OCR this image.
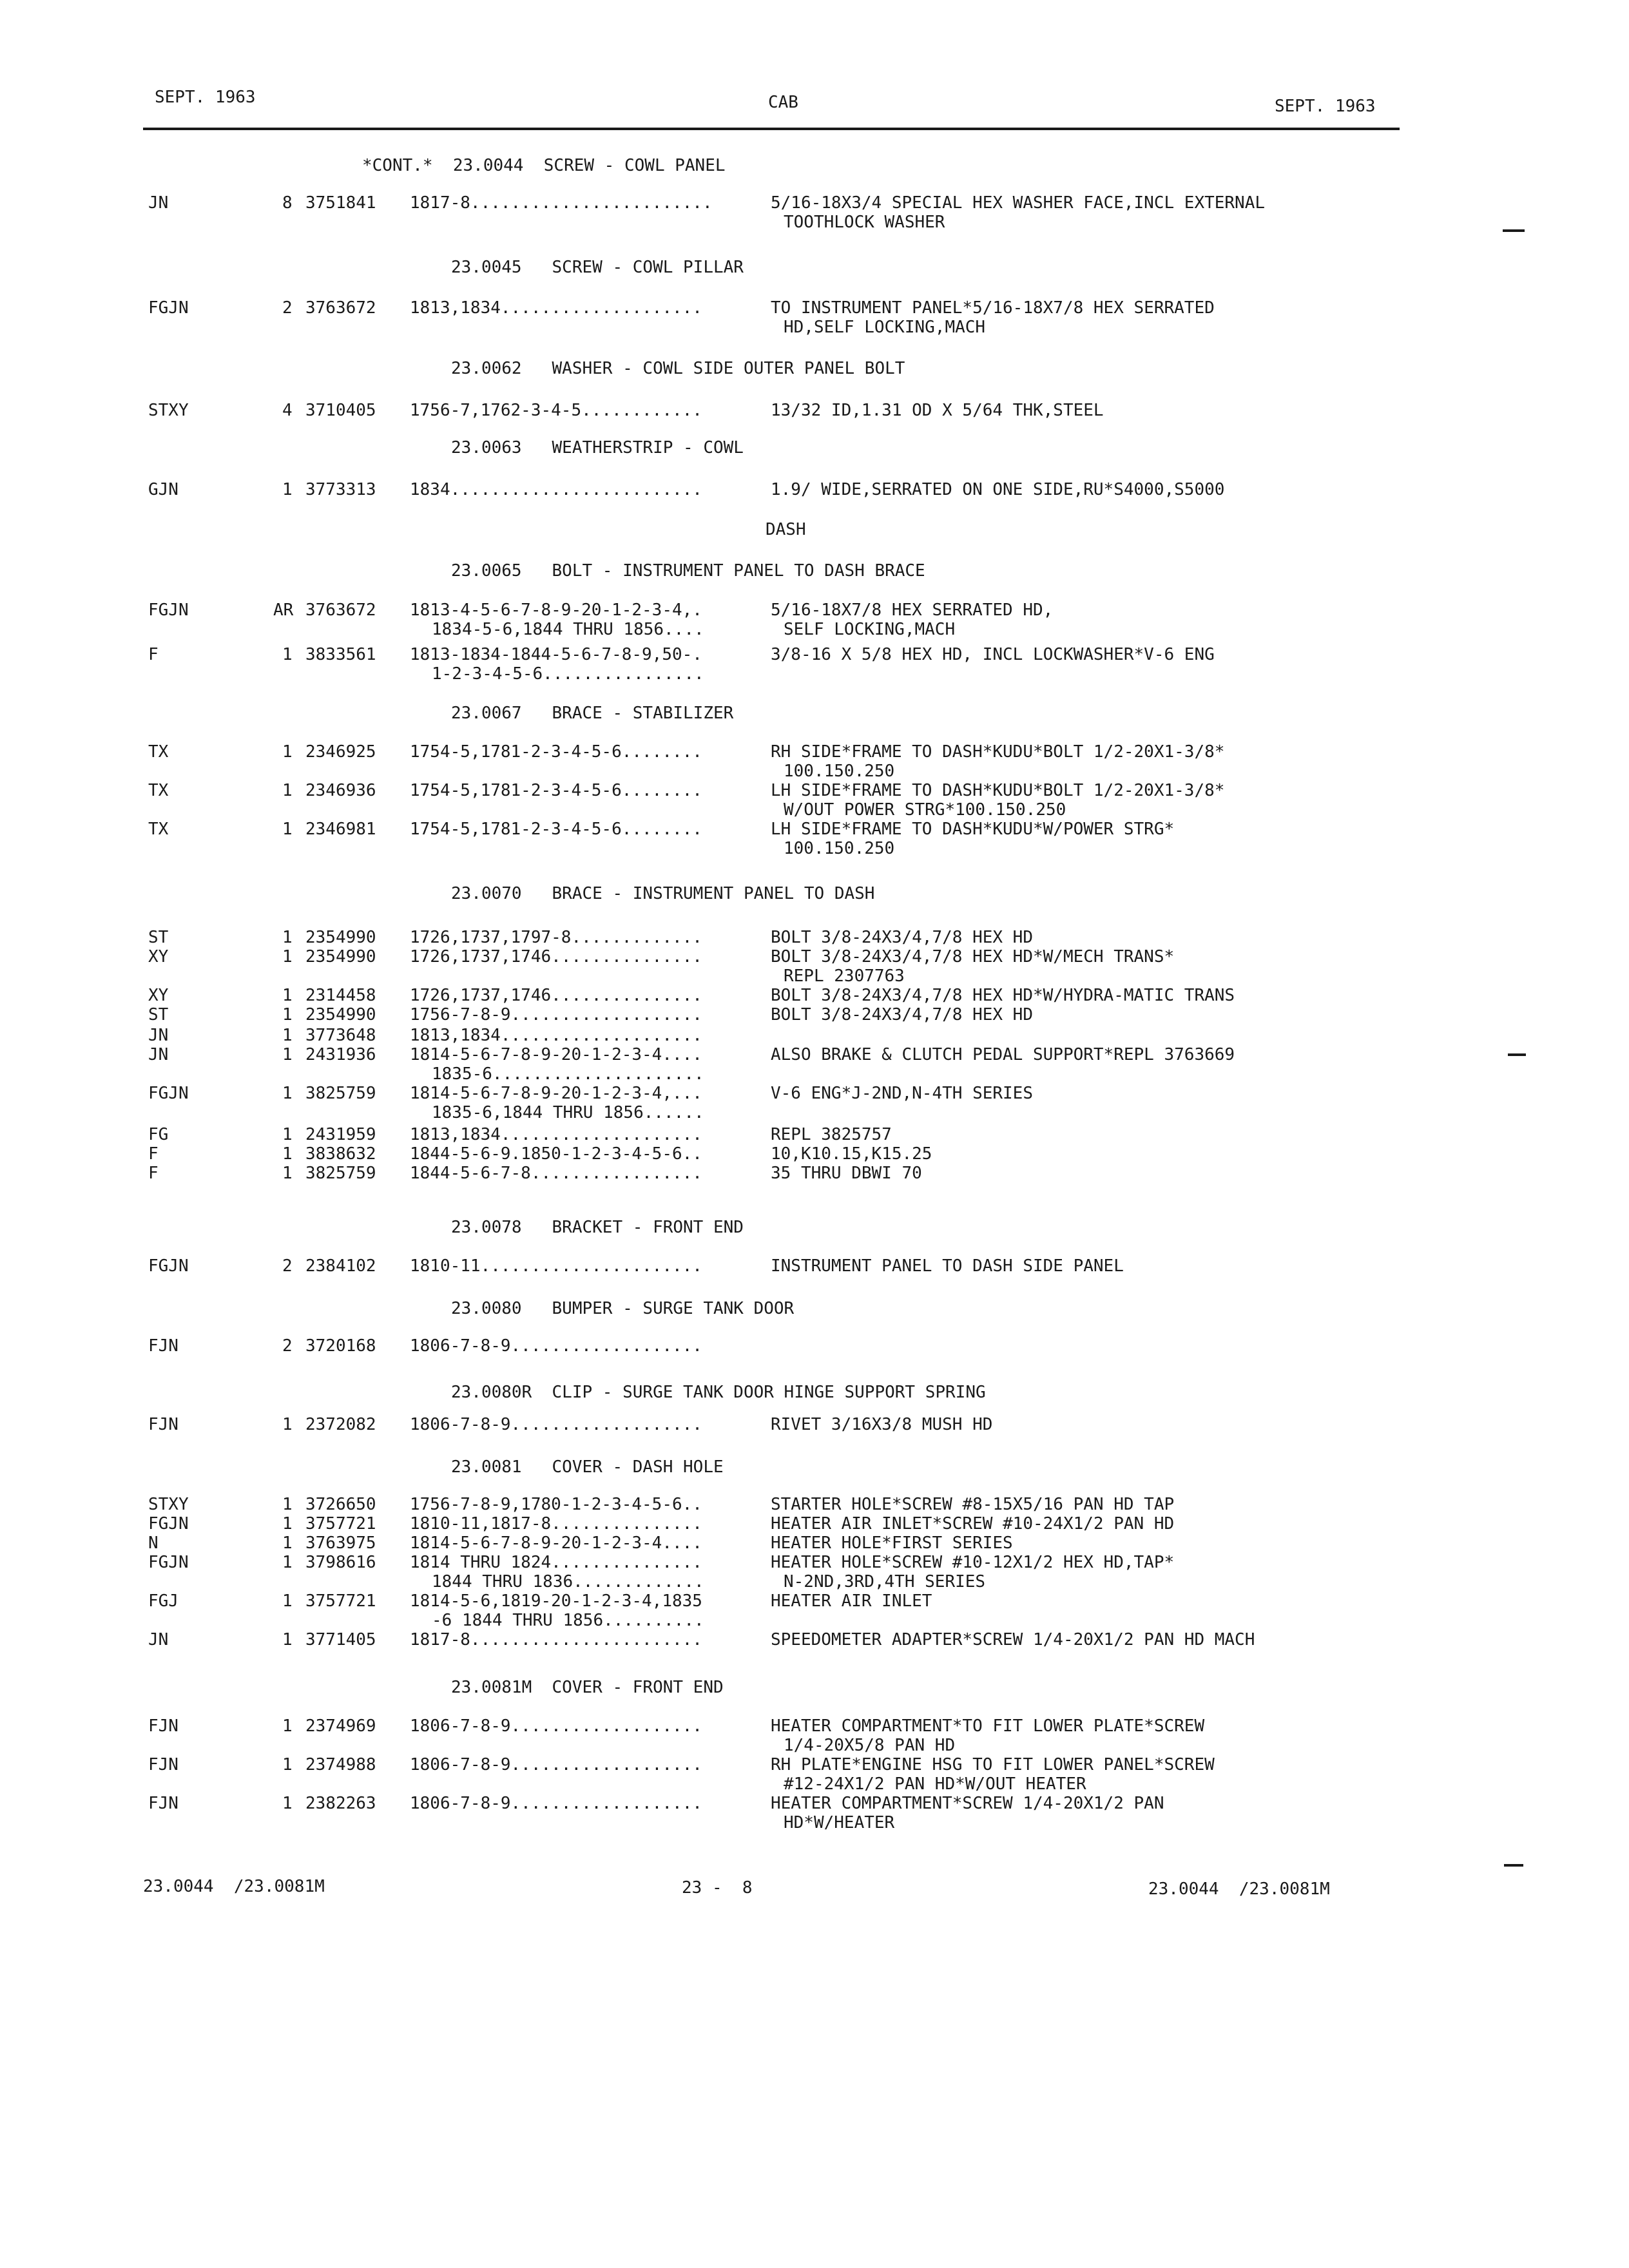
SEPT. 1963	CAB	SEPT. 1963
*CONT.*  23.0044  SCREW - COWL PANEL
JN	8 3751841 1817-8........................	5/16-18X3/4 SPECIAL HEX WASHER FACE,INCL EXTERNAL
TOOTHLOCK WASHER
23.0045   SCREW - COWL PILLAR
FGJN	2 3763672 1813,1834....................	TO INSTRUMENT PANEL*5/16-18X7/8 HEX SERRATED
HD,SELF LOCKING,MACH
23.0062   WASHER - COWL SIDE OUTER PANEL BOLT
STXY	4 3710405 1756-7,1762-3-4-5............	13/32 ID,1.31 OD X 5/64 THK,STEEL
23.0063   WEATHERSTRIP - COWL
GJN	1 3773313 1834.........................	1.9/ WIDE,SERRATED ON ONE SIDE,RU*S4000,S5000
DASH
23.0065   BOLT - INSTRUMENT PANEL TO DASH BRACE
FGJN	AR 3763672 1813-4-5-6-7-8-9-20-1-2-3-4,.	5/16-18X7/8 HEX SERRATED HD,
1834-5-6,1844 THRU 1856....	SELF LOCKING,MACH
F	1 3833561 1813-1834-1844-5-6-7-8-9,50-.	3/8-16 X 5/8 HEX HD, INCL LOCKWASHER*V-6 ENG
1-2-3-4-5-6................
23.0067   BRACE - STABILIZER
TX	1 2346925 1754-5,1781-2-3-4-5-6........	RH SIDE*FRAME TO DASH*KUDU*BOLT 1/2-20X1-3/8*
100.150.250
TX	1 2346936 1754-5,1781-2-3-4-5-6........	LH SIDE*FRAME TO DASH*KUDU*BOLT 1/2-20X1-3/8*
W/OUT POWER STRG*100.150.250
TX	1 2346981 1754-5,1781-2-3-4-5-6........	LH SIDE*FRAME TO DASH*KUDU*W/POWER STRG*
100.150.250
23.0070   BRACE - INSTRUMENT PANEL TO DASH
ST	1 2354990 1726,1737,1797-8.............	BOLT 3/8-24X3/4,7/8 HEX HD
XY	1 2354990 1726,1737,1746...............	BOLT 3/8-24X3/4,7/8 HEX HD*W/MECH TRANS*
REPL 2307763
XY	1 2314458 1726,1737,1746...............	BOLT 3/8-24X3/4,7/8 HEX HD*W/HYDRA-MATIC TRANS
ST	1 2354990 1756-7-8-9...................	BOLT 3/8-24X3/4,7/8 HEX HD
JN	1 3773648 1813,1834....................
JN	1 2431936 1814-5-6-7-8-9-20-1-2-3-4....	ALSO BRAKE & CLUTCH PEDAL SUPPORT*REPL 3763669
1835-6.....................
FGJN	1 3825759 1814-5-6-7-8-9-20-1-2-3-4,...	V-6 ENG*J-2ND,N-4TH SERIES
1835-6,1844 THRU 1856......
FG	1 2431959 1813,1834....................	REPL 3825757
F	1 3838632 1844-5-6-9.1850-1-2-3-4-5-6..	10,K10.15,K15.25
F	1 3825759 1844-5-6-7-8.................	35 THRU DBWI 70
23.0078   BRACKET - FRONT END
FGJN	2 2384102 1810-11......................	INSTRUMENT PANEL TO DASH SIDE PANEL
23.0080   BUMPER - SURGE TANK DOOR
FJN	2 3720168 1806-7-8-9...................
23.0080R  CLIP - SURGE TANK DOOR HINGE SUPPORT SPRING
FJN	1 2372082 1806-7-8-9...................	RIVET 3/16X3/8 MUSH HD
23.0081   COVER - DASH HOLE
STXY	1 3726650 1756-7-8-9,1780-1-2-3-4-5-6..	STARTER HOLE*SCREW #8-15X5/16 PAN HD TAP
FGJN	1 3757721 1810-11,1817-8...............	HEATER AIR INLET*SCREW #10-24X1/2 PAN HD
N	1 3763975 1814-5-6-7-8-9-20-1-2-3-4....	HEATER HOLE*FIRST SERIES
FGJN	1 3798616 1814 THRU 1824...............	HEATER HOLE*SCREW #10-12X1/2 HEX HD,TAP*
1844 THRU 1836.............	N-2ND,3RD,4TH SERIES
FGJ	1 3757721 1814-5-6,1819-20-1-2-3-4,1835	HEATER AIR INLET
-6 1844 THRU 1856..........
JN	1 3771405 1817-8.......................	SPEEDOMETER ADAPTER*SCREW 1/4-20X1/2 PAN HD MACH
23.0081M  COVER - FRONT END
FJN	1 2374969 1806-7-8-9...................	HEATER COMPARTMENT*TO FIT LOWER PLATE*SCREW
1/4-20X5/8 PAN HD
FJN	1 2374988 1806-7-8-9...................	RH PLATE*ENGINE HSG TO FIT LOWER PANEL*SCREW
#12-24X1/2 PAN HD*W/OUT HEATER
FJN	1 2382263 1806-7-8-9...................	HEATER COMPARTMENT*SCREW 1/4-20X1/2 PAN
HD*W/HEATER
23.0044  /23.0081M	23 -  8	23.0044  /23.0081M
